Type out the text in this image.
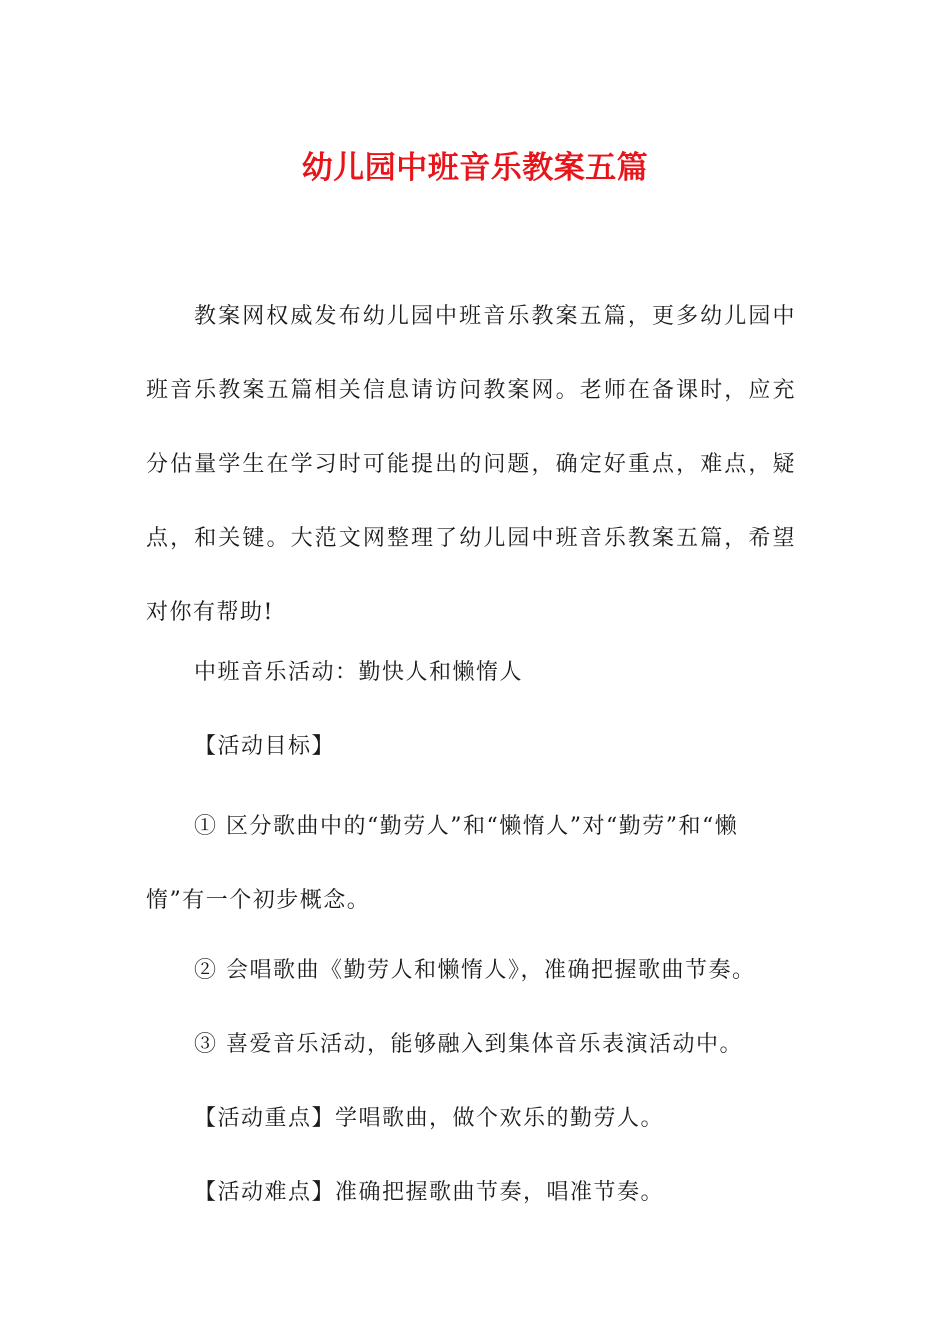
幼儿园中班音乐教案五篇
教案网权威发布幼儿园中班音乐教案五篇，更多幼儿园中班音乐教案五篇相关信息请访问教案网。老师在备课时，应充分估量学生在学习时可能提出的问题，确定好重点，难点，疑点，和关键。大范文网整理了幼儿园中班音乐教案五篇，希望对你有帮助!
中班音乐活动：勤快人和懒惰人
【活动目标】
① 区分歌曲中的“勤劳人”和“懒惰人”对“勤劳”和“懒惰”有一个初步概念。
② 会唱歌曲《勤劳人和懒惰人》，准确把握歌曲节奏。
③ 喜爱音乐活动，能够融入到集体音乐表演活动中。
【活动重点】学唱歌曲，做个欢乐的勤劳人。
【活动难点】准确把握歌曲节奏，唱准节奏。
